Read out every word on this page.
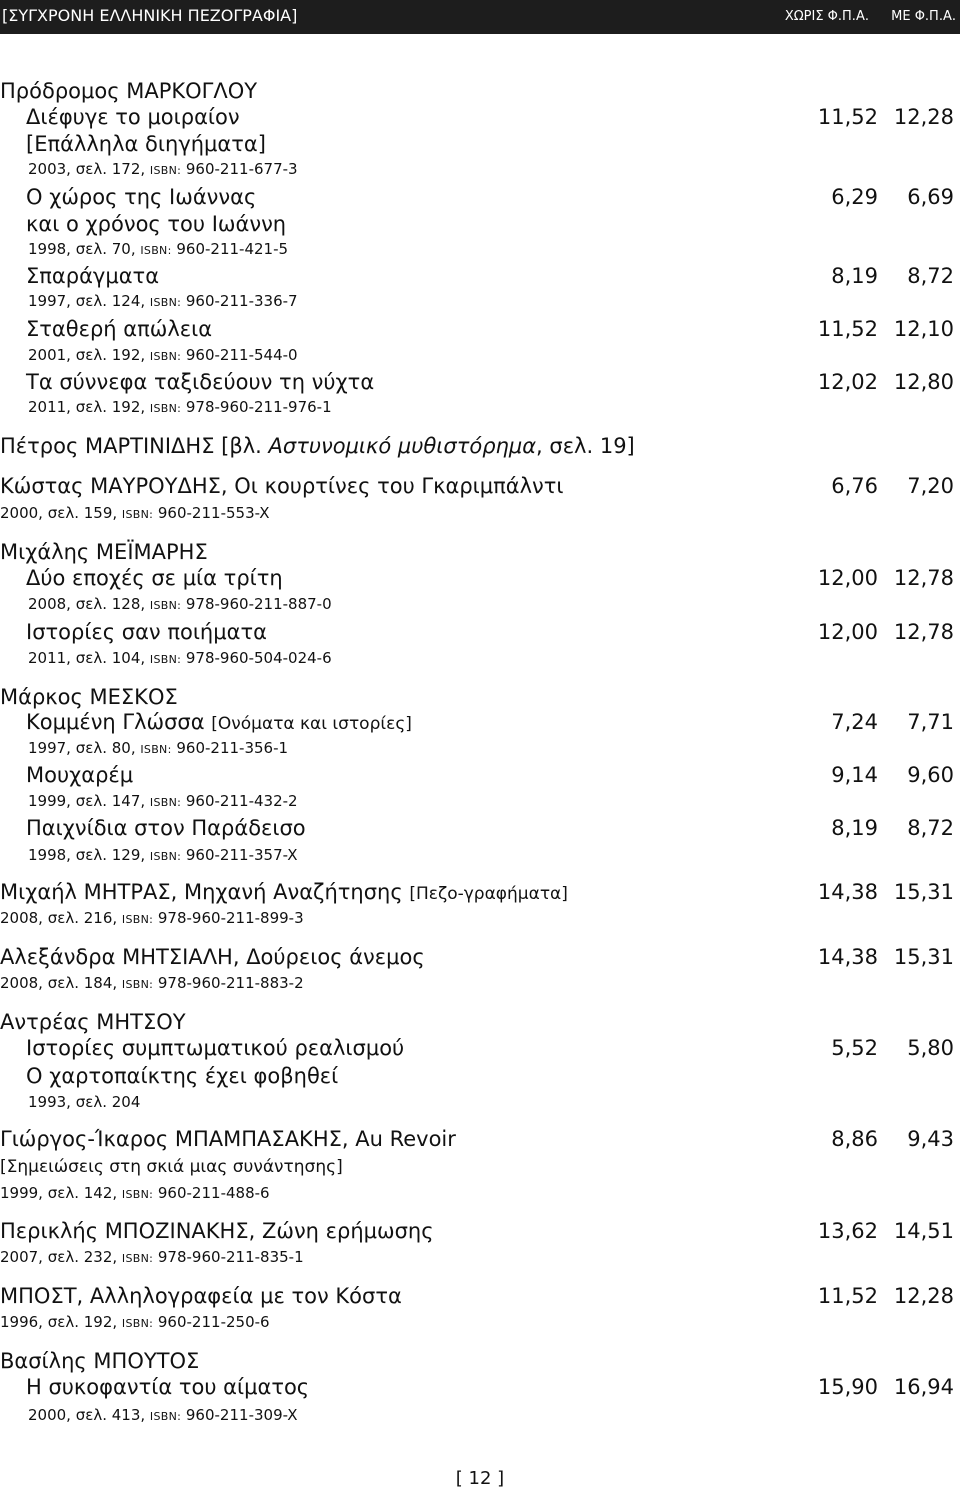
[ΣΥΓΧΡΟΝΗ ΕΛΛΗΝΙΚΗ ΠΕΖΟΓΡΑΦΙΑ]	ΧΩΡΙΣ Φ.Π.Α. ΜΕ Φ.Π.Α.
Πρόδρομος ΜΑΡΚΟΓΛΟΥ
Διέφυγε το μοιραίον	11,52 12,28
[Επάλληλα διηγήματα]
2003, σελ. 172, ISBN: 960-211-677-3
Ο χώρος της Ιωάννας	6,29 6,69
και ο χρόνος του Ιωάννη
1998, σελ. 70, ISBN: 960-211-421-5
Σπαράγματα	8,19 8,72
1997, σελ. 124, ISBN: 960-211-336-7
Σταθερή απώλεια	11,52 12,10
2001, σελ. 192, ISBN: 960-211-544-0
Τα σύννεφα ταξιδεύουν τη νύχτα	12,02 12,80
2011, σελ. 192, ISBN: 978-960-211-976-1
Πέτρος ΜΑΡΤΙΝΙΔΗΣ [βλ. Αστυνομικό μυθιστόρημα, σελ. 19]
Κώστας ΜΑΥΡΟΥΔΗΣ, Οι κουρτίνες του Γκαριμπάλντι	6,76 7,20
2000, σελ. 159, ISBN: 960-211-553-X
Μιχάλης ΜΕΪΜΑΡΗΣ
Δύο εποχές σε μία τρίτη	12,00 12,78
2008, σελ. 128, ISBN: 978-960-211-887-0
Ιστορίες σαν ποιήματα	12,00 12,78
2011, σελ. 104, ISBN: 978-960-504-024-6
Μάρκος ΜΕΣΚΟΣ
Κομμένη Γλώσσα [Ονόματα και ιστορίες]	7,24 7,71
1997, σελ. 80, ISBN: 960-211-356-1
Μουχαρέμ	9,14 9,60
1999, σελ. 147, ISBN: 960-211-432-2
Παιχνίδια στον Παράδεισο	8,19 8,72
1998, σελ. 129, ISBN: 960-211-357-X
Μιχαήλ ΜΗΤΡΑΣ, Μηχανή Αναζήτησης [Πεζο-γραφήματα]	14,38 15,31
2008, σελ. 216, ISBN: 978-960-211-899-3
Αλεξάνδρα ΜΗΤΣΙΑΛΗ, Δούρειος άνεμος	14,38 15,31
2008, σελ. 184, ISBN: 978-960-211-883-2
Αντρέας ΜΗΤΣΟΥ
Ιστορίες συμπτωματικού ρεαλισμού	5,52 5,80
Ο χαρτοπαίκτης έχει φοβηθεί
1993, σελ. 204
Γιώργος-Ίκαρος ΜΠΑΜΠΑΣΑΚΗΣ, Au Revoir	8,86 9,43
[Σημειώσεις στη σκιά μιας συνάντησης]
1999, σελ. 142, ISBN: 960-211-488-6
Περικλής ΜΠΟΖΙΝΑΚΗΣ, Ζώνη ερήμωσης	13,62 14,51
2007, σελ. 232, ISBN: 978-960-211-835-1
ΜΠΟΣΤ, Αλληλογραφεία με τον Κόστα	11,52 12,28
1996, σελ. 192, ISBN: 960-211-250-6
Βασίλης ΜΠΟΥΤΟΣ
Η συκοφαντία του αίματος	15,90 16,94
2000, σελ. 413, ISBN: 960-211-309-X
[ 12 ]
